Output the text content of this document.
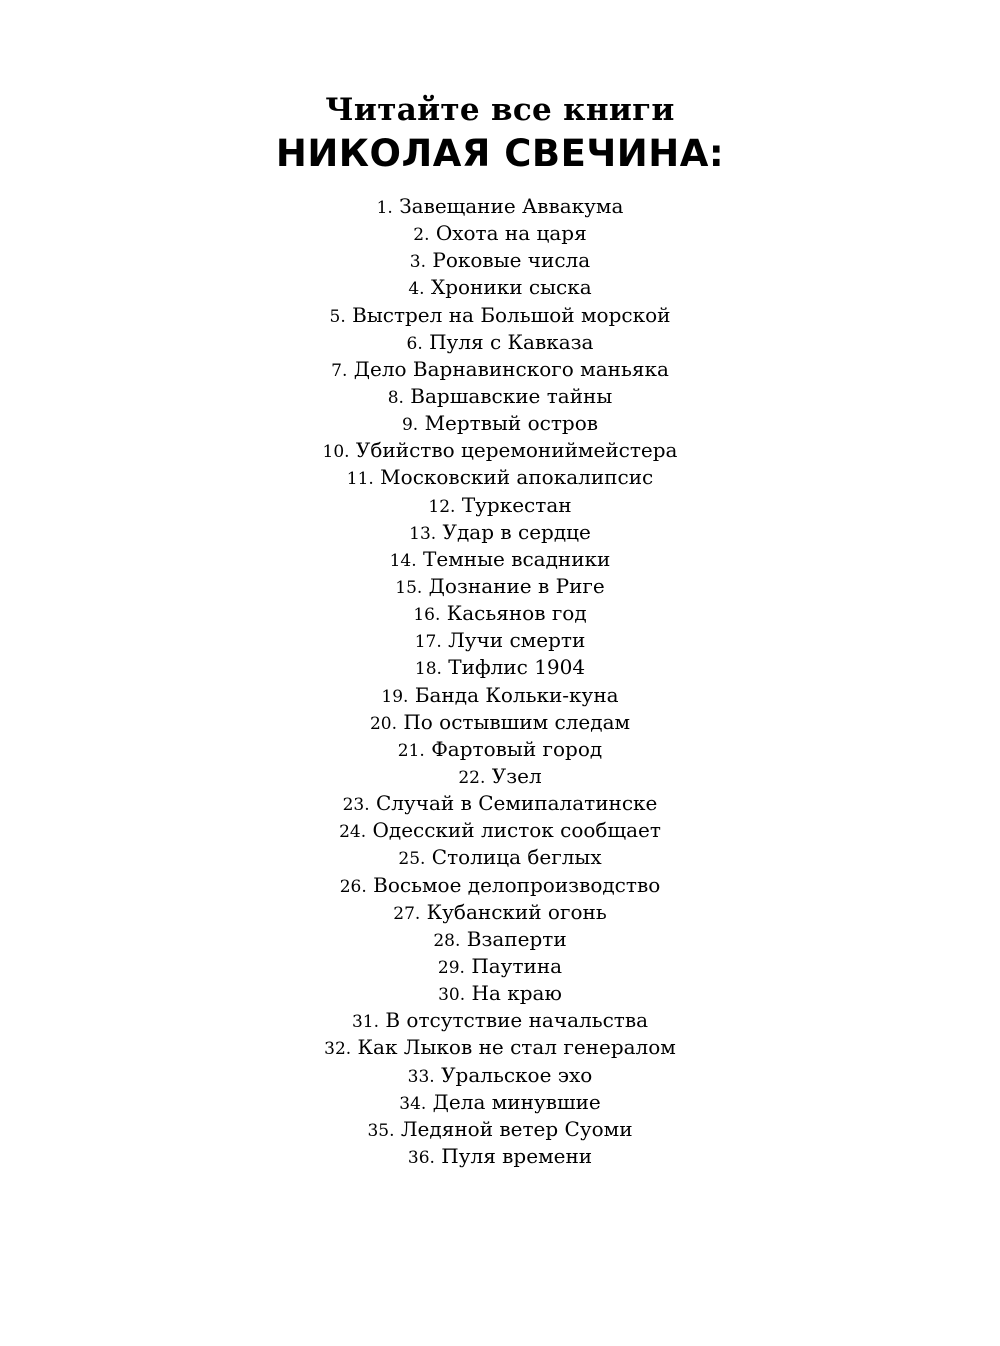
Читайте все книги
НИКОЛАЯ СВЕЧИНА:
1. Завещание Аввакума
2. Охота на царя
3. Роковые числа
4. Хроники сыска
5. Выстрел на Большой морской
6. Пуля с Кавказа
7. Дело Варнавинского маньяка
8. Варшавские тайны
9. Мертвый остров
10. Убийство церемониймейстера
11. Московский апокалипсис
12. Туркестан
13. Удар в сердце
14. Темные всадники
15. Дознание в Риге
16. Касьянов год
17. Лучи смерти
18. Тифлис 1904
19. Банда Кольки-куна
20. По остывшим следам
21. Фартовый город
22. Узел
23. Случай в Семипалатинске
24. Одесский листок сообщает
25. Столица беглых
26. Восьмое делопроизводство
27. Кубанский огонь
28. Взаперти
29. Паутина
30. На краю
31. В отсутствие начальства
32. Как Лыков не стал генералом
33. Уральское эхо
34. Дела минувшие
35. Ледяной ветер Суоми
36. Пуля времени
